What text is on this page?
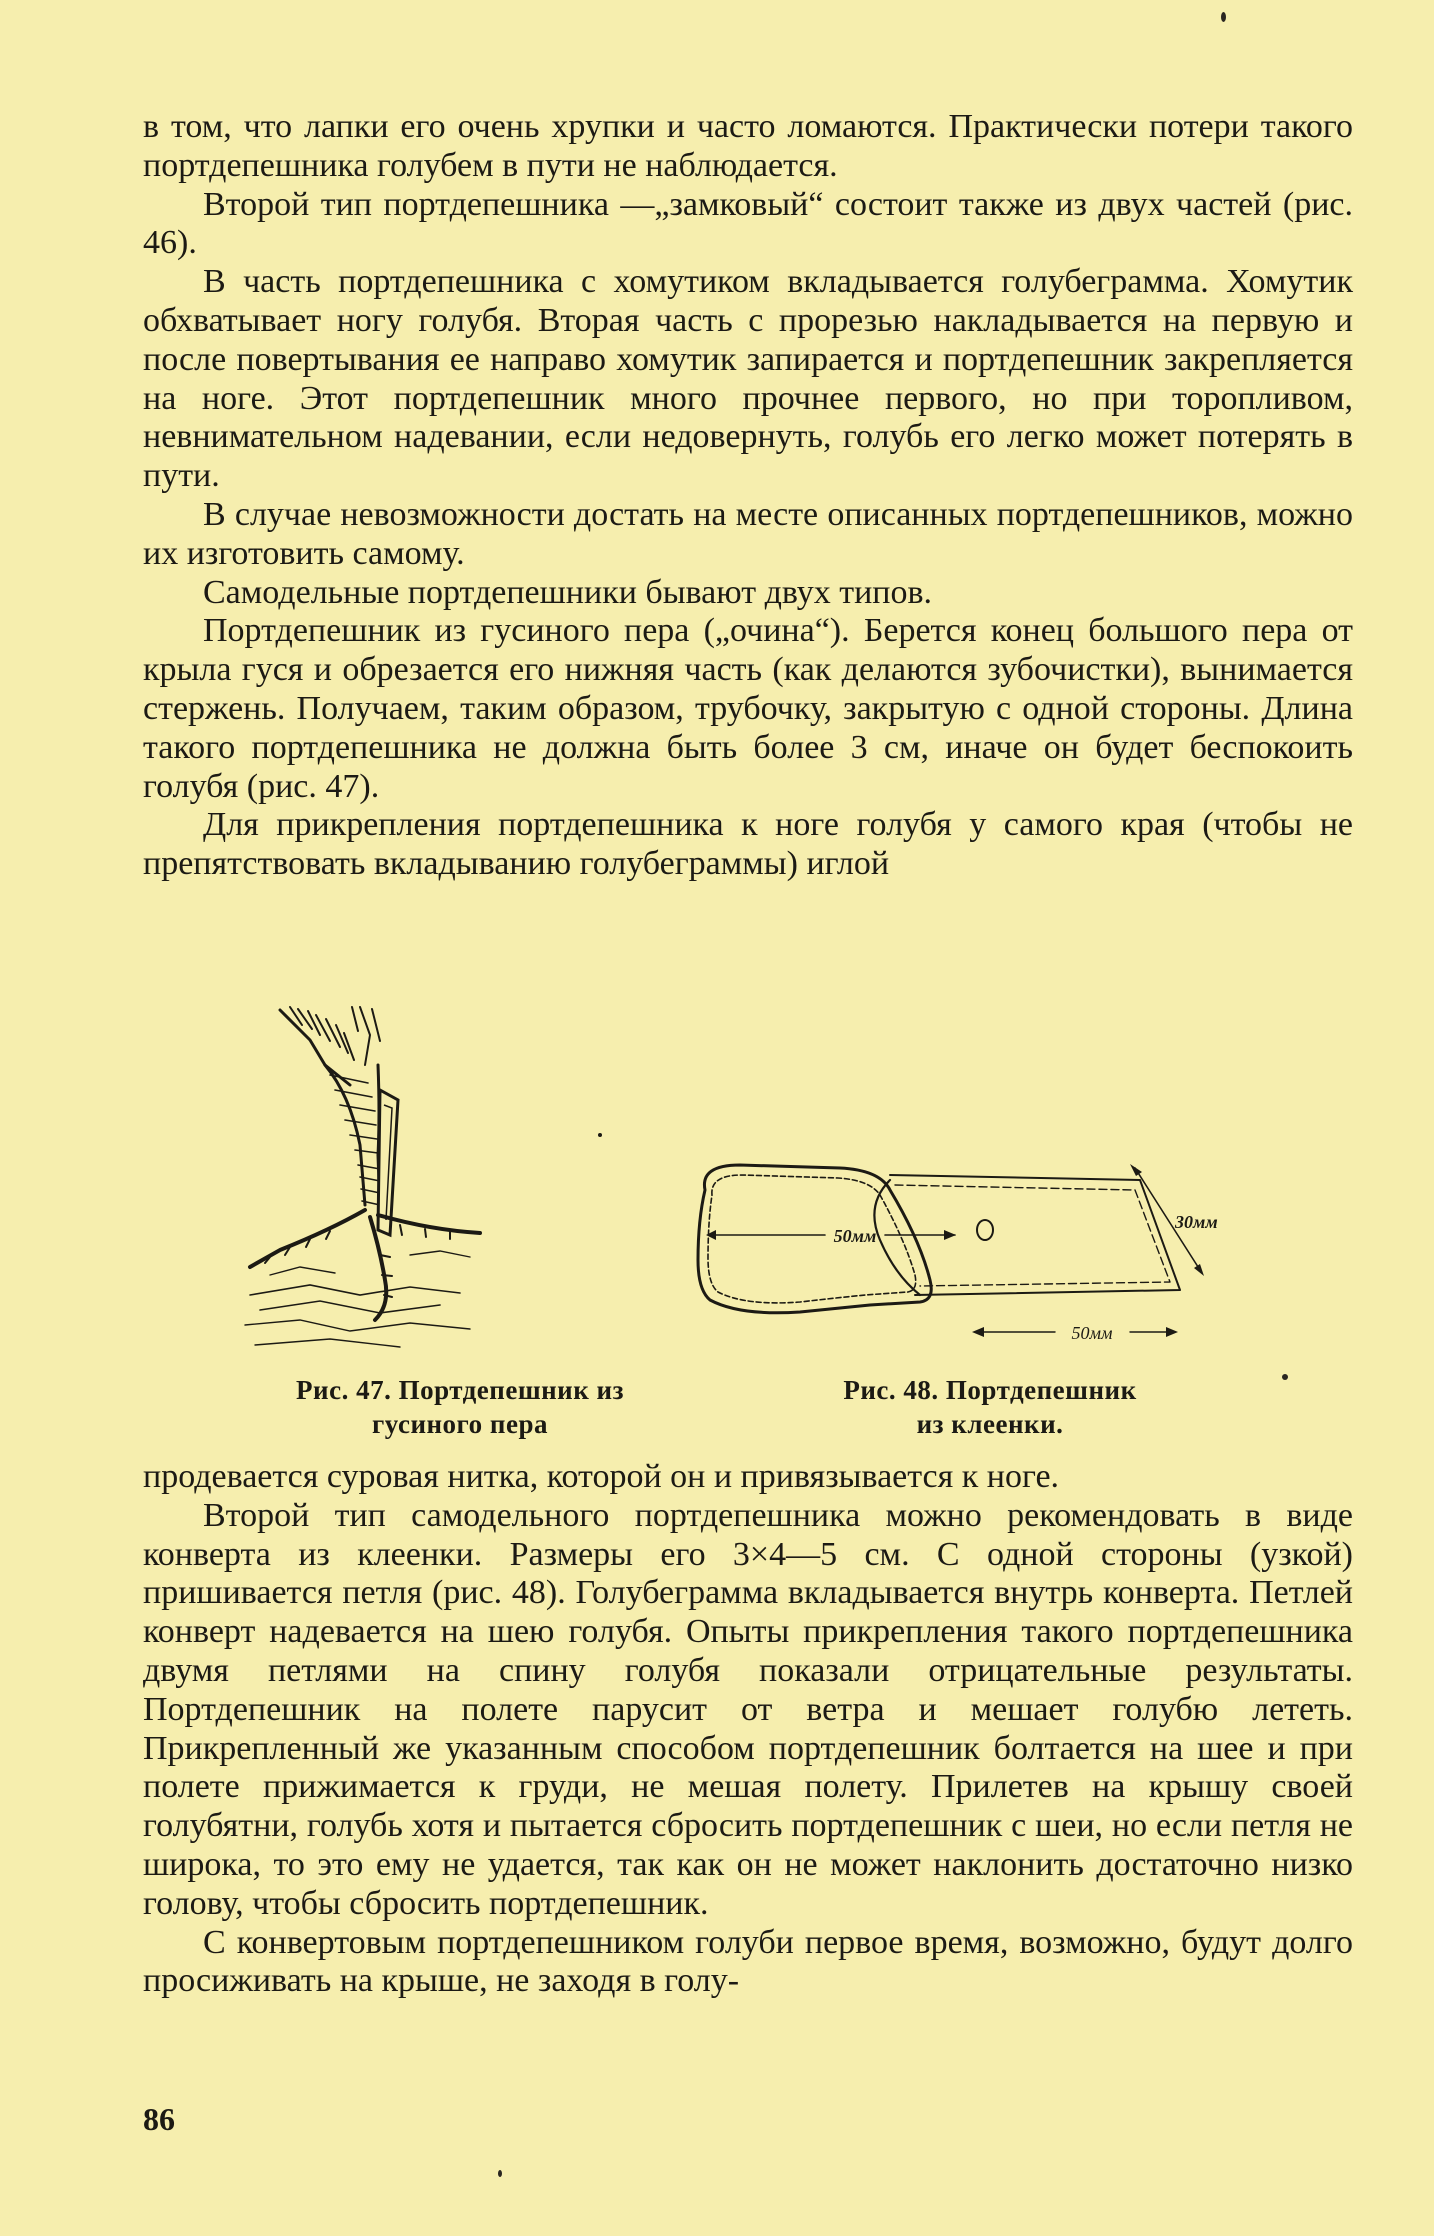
в том, что лапки его очень хрупки и часто ломаются. Практически потери такого портдепешника голубем в пути не наблюдается.

Второй тип портдепешника —„замковый“ состоит также из двух частей (рис. 46).

В часть портдепешника с хомутиком вкладывается голубеграмма. Хомутик обхватывает ногу голубя. Вторая часть с прорезью накладывается на первую и после повертывания ее направо хомутик запирается и портдепешник закрепляется на ноге. Этот портдепешник много прочнее первого, но при торопливом, невнимательном надевании, если недовернуть, голубь его легко может потерять в пути.

В случае невозможности достать на месте описанных портдепешников, можно их изготовить самому.

Самодельные портдепешники бывают двух типов.

Портдепешник из гусиного пера („очина“). Берется конец большого пера от крыла гуся и обрезается его нижняя часть (как делаются зубочистки), вынимается стержень. Получаем, таким образом, трубочку, закрытую с одной стороны. Длина такого портдепешника не должна быть более 3 см, иначе он будет беспокоить голубя (рис. 47).

Для прикрепления портдепешника к ноге голубя у самого края (чтобы не препятствовать вкладыванию голубеграммы) иглой

50мм
30мм
50мм
Рис. 47. Портдепешник из
гусиного пера
Рис. 48. Портдепешник
из клеенки.

продевается суровая нитка, которой он и привязывается к ноге.

Второй тип самодельного портдепешника можно рекомендовать в виде конверта из клеенки. Размеры его 3×4—5 см. С одной стороны (узкой) пришивается петля (рис. 48). Голубеграмма вкладывается внутрь конверта. Петлей конверт надевается на шею голубя. Опыты прикрепления такого портдепешника двумя петлями на спину голубя показали отрицательные результаты. Портдепешник на полете парусит от ветра и мешает голубю лететь. Прикрепленный же указанным способом портдепешник болтается на шее и при полете прижимается к груди, не мешая полету. Прилетев на крышу своей голубятни, голубь хотя и пытается сбросить портдепешник с шеи, но если петля не широка, то это ему не удается, так как он не может наклонить достаточно низко голову, чтобы сбросить портдепешник.

С конвертовым портдепешником голуби первое время, возможно, будут долго просиживать на крыше, не заходя в голу-

86
